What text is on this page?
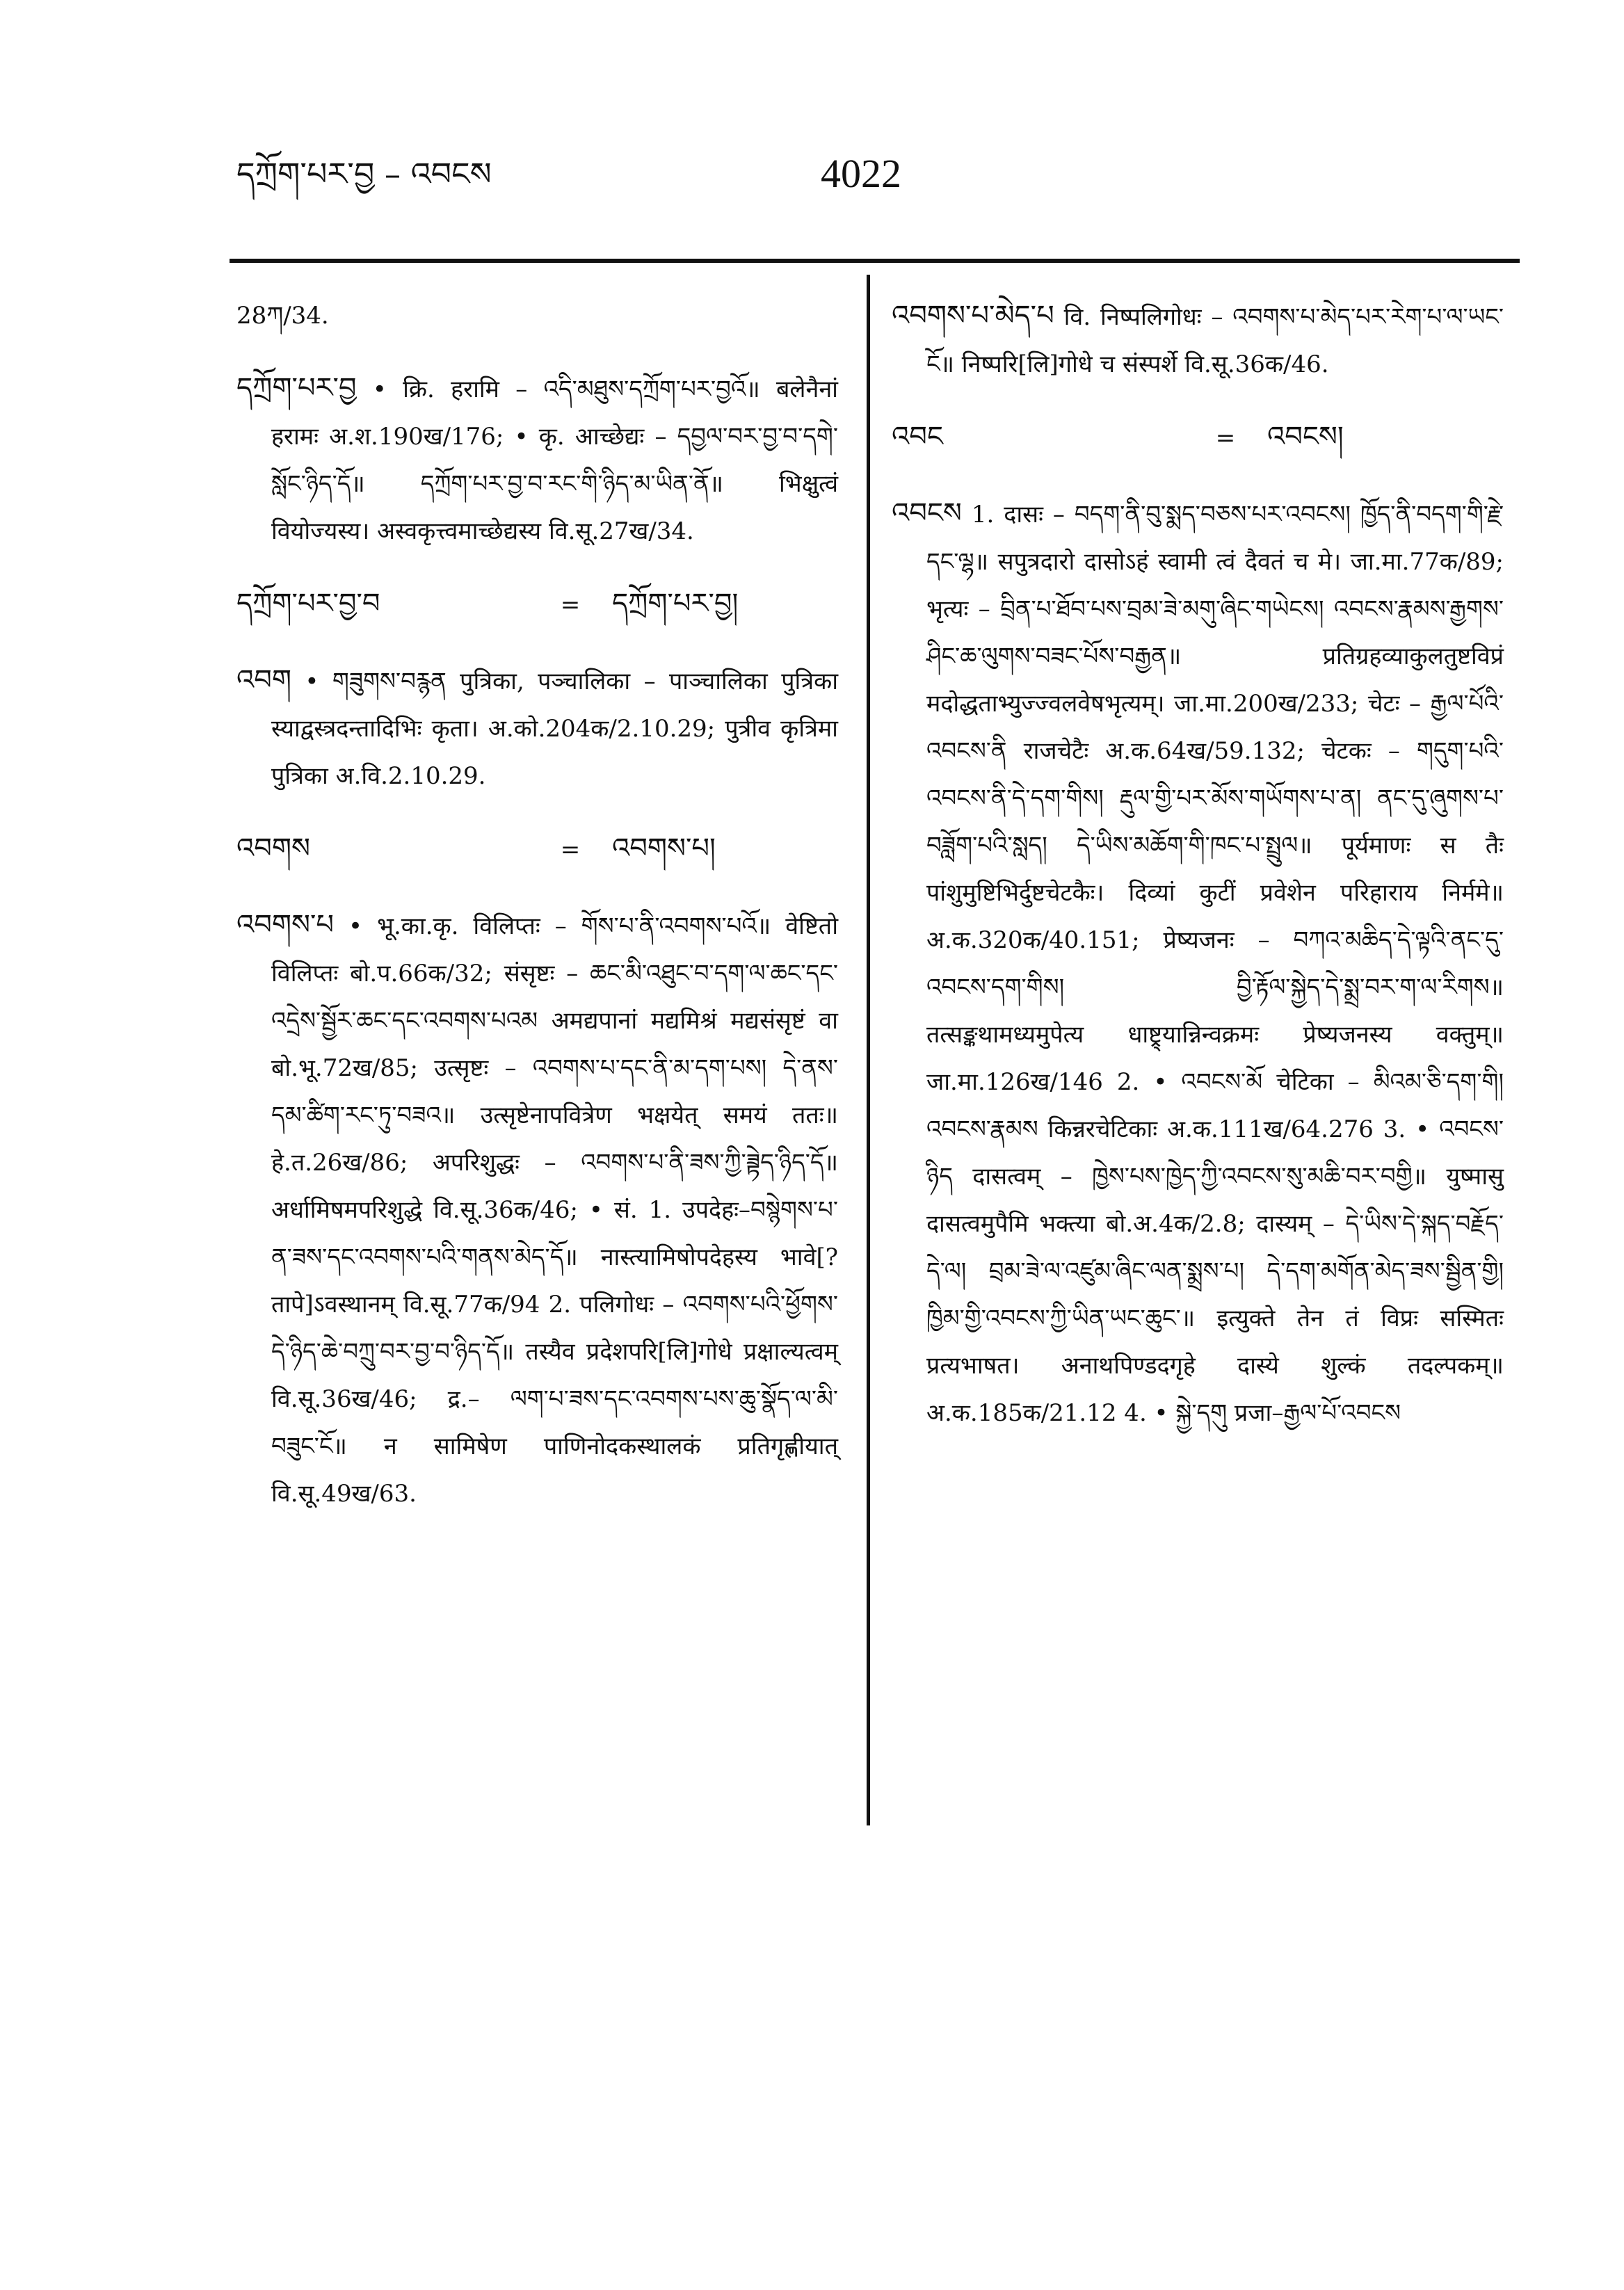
དཀྲོག་པར་བྱ – འབངས	4022
28ཀ/34.
དཀྲོག་པར་བྱ • क्रि. हरामि – འདི་མཐུས་དཀྲོག་པར་བྱའོ॥ बलेनैनां हरामः अ.श.190ख/176; • कृ. आच्छेद्यः – དབྱལ་བར་བྱ་བ་དགེ་སློང་ཉིད་དོ॥ དཀྲོག་པར་བྱ་བ་རང་གི་ཉིད་མ་ཡིན་ནོ॥ भिक्षुत्वं वियोज्यस्य। अस्वकृत्त्वमाच्छेद्यस्य वि.सू.27ख/34.
དཀྲོག་པར་བྱ་བ	=	དཀྲོག་པར་བྱ།
འབག • གཟུགས་བརྙན पुत्रिका, पञ्चालिका – पाञ्चालिका पुत्रिका स्याद्वस्त्रदन्तादिभिः कृता। अ.को.204क/2.10.29; पुत्रीव कृत्रिमा पुत्रिका अ.वि.2.10.29.
འབགས	=	འབགས་པ།
འབགས་པ • भू.का.कृ. विलिप्तः – གོས་པ་ནི་འབགས་པའོ॥ वेष्टितो विलिप्तः बो.प.66क/32; संसृष्टः – ཆང་མི་འཐུང་བ་དག་ལ་ཆང་དང་འདྲེས་སྦྱོར་ཆང་དང་འབགས་པའམ अमद्यपानां मद्यमिश्रं मद्यसंसृष्टं वा बो.भू.72ख/85; उत्सृष्टः – འབགས་པ་དང་ནི་མ་དག་པས། དེ་ནས་དམ་ཚིག་རང་ཏུ་བཟའ॥ उत्सृष्टेनापवित्रेण भक्षयेत् समयं ततः॥ हे.त.26ख/86; अपरिशुद्धः – འབགས་པ་ནི་ཟས་ཀྱི་ཟྟེད་ཉིད་དོ॥ अर्धामिषमपरिशुद्धे वि.सू.36क/46; • सं. 1. उपदेहः–བསྙེགས་པ་ན་ཟས་དང་འབགས་པའི་གནས་མེད་དོ॥ नास्त्यामिषोपदेहस्य भावे[?तापे]ऽवस्थानम् वि.सू.77क/94 2. पलिगोधः – འབགས་པའི་ཕྱོགས་དེ་ཉིད་ཆེ་བཀྲུ་བར་བྱ་བ་ཉིད་དོ॥ तस्यैव प्रदेशपरि[लि]गोधे प्रक्षाल्यत्वम् वि.सू.36ख/46; द्र.– ལག་པ་ཟས་དང་འབགས་པས་ཆུ་སྣོད་ལ་མི་བཟུང་ངོ॥ न सामिषेण पाणिनोदकस्थालकं प्रतिगृह्णीयात् वि.सू.49ख/63.
འབགས་པ་མེད་པ वि. निष्पलिगोधः – འབགས་པ་མེད་པར་རེག་པ་ལ་ཡང་ངོ॥ निष्परि[लि]गोधे च संस्पर्शे वि.सू.36क/46.
འབང	=	འབངས།
འབངས 1. दासः – བདག་ནི་བུ་སྨད་བཅས་པར་འབངས། ཁྱོད་ནི་བདག་གི་རྗེ་དང་ལྷ॥ सपुत्रदारो दासोऽहं स्वामी त्वं दैवतं च मे। जा.मा.77क/89; भृत्यः – བྲིན་པ་ཐོབ་པས་བྲམ་ཟེ་མགུ་ཞིང་གཡེངས། འབངས་རྣམས་རྒྱགས་ཤིང་ཆ་ལུགས་བཟང་པོས་བརྒྱན॥ प्रतिग्रहव्याकुलतुष्टविप्रं मदोद्धताभ्युज्ज्वलवेषभृत्यम्। जा.मा.200ख/233; चेटः – རྒྱལ་པོའི་འབངས་ནི राजचेटैः अ.क.64ख/59.132; चेटकः – གདུག་པའི་འབངས་ནི་དེ་དག་གིས། རྡུལ་གྱི་པར་མོས་གཡོགས་པ་ན། ནང་དུ་ཞུགས་པ་བཟློག་པའི་སླད། དེ་ཡིས་མཆོག་གི་ཁང་པ་སྤྲུལ॥ पूर्यमाणः स तैः पांशुमुष्टिभिर्दुष्टचेटकैः। दिव्यां कुटीं प्रवेशेन परिहाराय निर्ममे॥ अ.क.320क/40.151; प्रेष्यजनः – བཀའ་མཆིད་དེ་ལྟའི་ནང་དུ་འབངས་དག་གིས། བྱི་རྟོལ་སྐྱེད་དེ་སྨྲ་བར་ག་ལ་རིགས॥ तत्सङ्कथामध्यमुपेत्य धाष्ट्र्यान्निन्वक्रमः प्रेष्यजनस्य वक्तुम्॥ जा.मा.126ख/146 2. • འབངས་མོ चेटिका – མིའམ་ཅི་དག་གི། འབངས་རྣམས किन्नरचेटिकाः अ.क.111ख/64.276 3. • འབངས་ཉིད दासत्वम् – ཁྱེས་པས་ཁྱེད་ཀྱི་འབངས་སུ་མཆི་བར་བགྱི॥ युष्मासु दासत्वमुपैमि भक्त्या बो.अ.4क/2.8; दास्यम् – དེ་ཡིས་དེ་སྐད་བརྗོད་དེ་ལ། བྲམ་ཟེ་ལ་འཛུམ་ཞིང་ལན་སྨྲས་པ། དེ་དག་མགོན་མེད་ཟས་སྦྱིན་གྱི། ཁྱིམ་གྱི་འབངས་ཀྱི་ཡིན་ཡང་ཆུང་॥ इत्युक्ते तेन तं विप्रः सस्मितः प्रत्यभाषत। अनाथपिण्डदगृहे दास्ये शुल्कं तदल्पकम्॥ अ.क.185क/21.12 4. • སྐྱེ་དགུ प्रजा–རྒྱལ་པོ་འབངས
